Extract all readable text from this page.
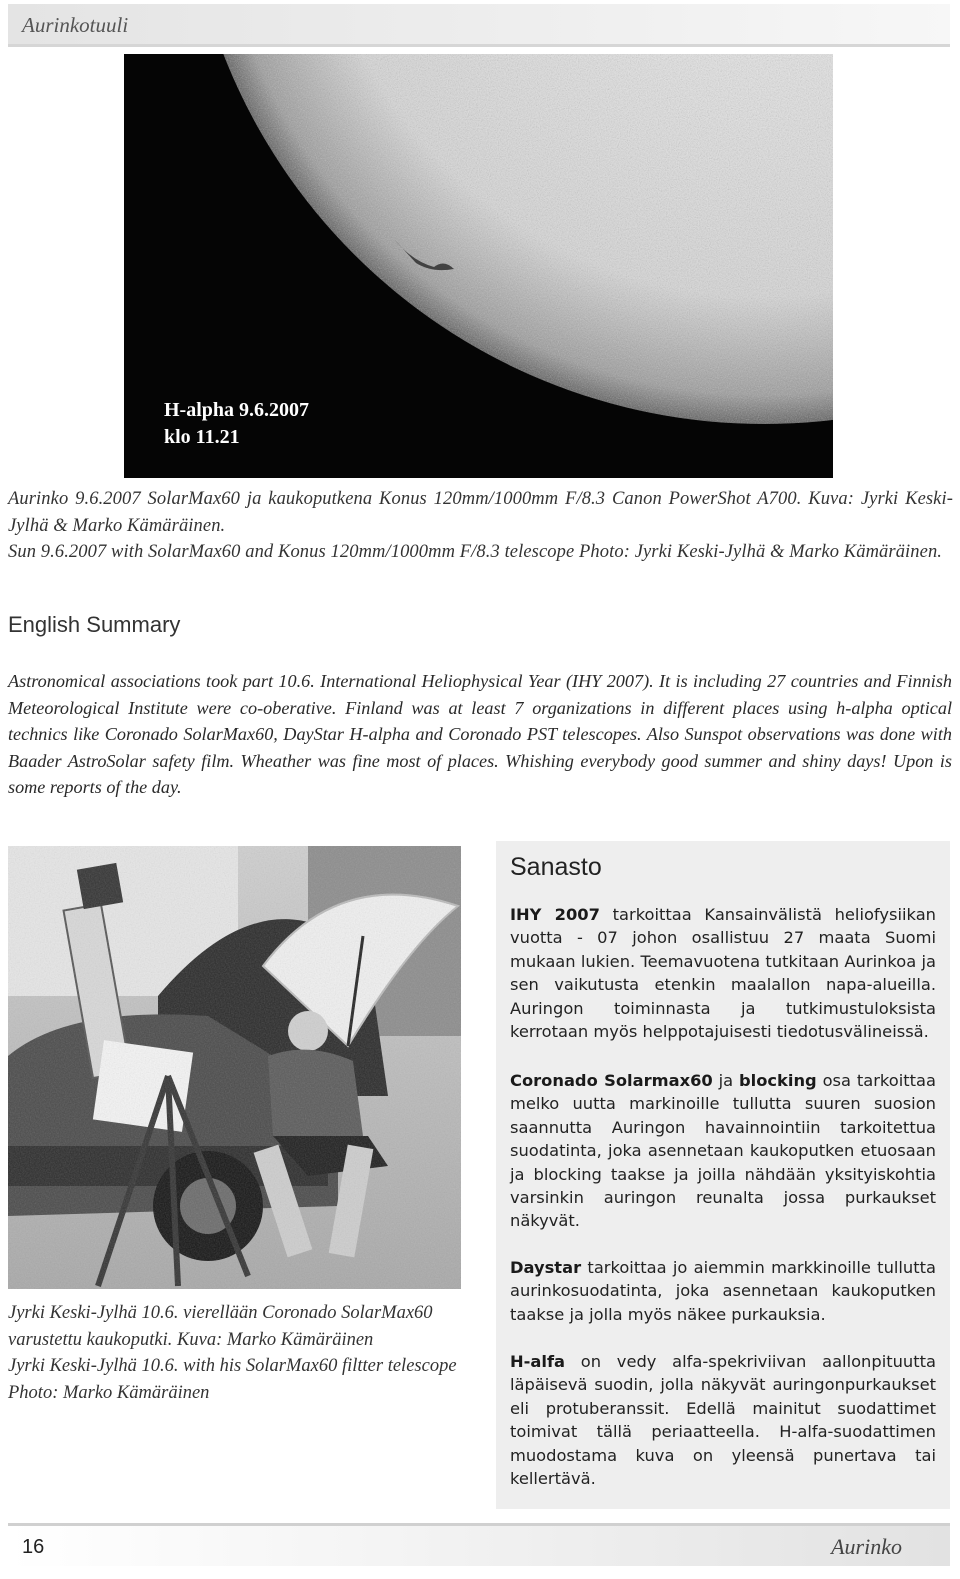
Aurinkotuuli
H-alpha 9.6.2007
klo 11.21

Aurinko 9.6.2007 SolarMax60 ja kaukoputkena Konus 120mm/1000mm F/8.3 Canon PowerShot A700. Kuva: Jyrki Keski-Jylhä & Marko Kämäräinen.

Sun 9.6.2007 with SolarMax60 and Konus 120mm/1000mm F/8.3 telescope Photo: Jyrki Keski-Jylhä & Marko Kämäräinen.

English Summary

Astronomical associations took part 10.6. International Heliophysical Year (IHY 2007). It is including 27 countries and Finnish Meteorological Institute were co-oberative. Finland was at least 7 organizations in different places using h-alpha optical technics like Coronado SolarMax60, DayStar H-alpha and Coronado PST telescopes. Also Sunspot observations was done with Baader AstroSolar safety film. Wheather was fine most of places. Whishing everybody good summer and shiny days! Upon is some reports of the day.

Jyrki Keski-Jylhä 10.6. vierellään Coronado SolarMax60 varustettu kaukoputki. Kuva: Marko Kämäräinen

Jyrki Keski-Jylhä 10.6. with his SolarMax60 filtter telescope Photo: Marko Kämäräinen

Sanasto

IHY 2007 tarkoittaa Kansainvälistä heliofysiikan vuotta - 07 johon osallistuu 27 maata Suomi mukaan lukien. Teemavuotena tutkitaan Aurinkoa ja sen vaikutusta etenkin maalallon napa-alueilla. Auringon toiminnasta ja tutkimustuloksista kerrotaan myös helppotajuisesti tiedotusvälineissä.

Coronado Solarmax60 ja blocking osa tarkoittaa melko uutta markinoille tullutta suuren suosion saannutta Auringon havainnointiin tarkoitettua suodatinta, joka asennetaan kaukoputken etuosaan ja blocking taakse ja joilla nähdään yksityiskohtia varsinkin auringon reunalta jossa purkaukset näkyvät.

Daystar tarkoittaa jo aiemmin markkinoille tullutta aurinkosuodatinta, joka asennetaan kaukoputken taakse ja jolla myös näkee purkauksia.

H-alfa on vedy alfa-spekriviivan aallonpituutta läpäisevä suodin, jolla näkyvät auringonpurkaukset eli protuberanssit. Edellä mainitut suodattimet toimivat tällä periaatteella. H-alfa-suodattimen muodostama kuva on yleensä punertava tai kellertävä.

16	Aurinko
